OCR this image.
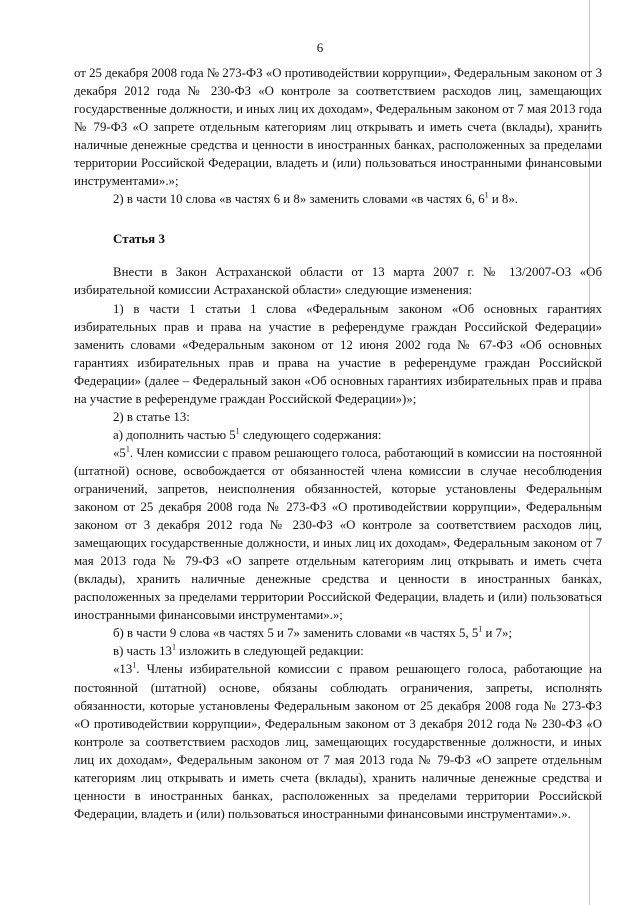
6

от 25 декабря 2008 года № 273-ФЗ «О противодействии коррупции», Федеральным законом от 3 декабря 2012 года № 230-ФЗ «О контроле за соответствием расходов лиц, замещающих государственные должности, и иных лиц их доходам», Федеральным законом от 7 мая 2013 года № 79-ФЗ «О запрете отдельным категориям лиц открывать и иметь счета (вклады), хранить наличные денежные средства и ценности в иностранных банках, расположенных за пределами территории Российской Федерации, владеть и (или) пользоваться иностранными финансовыми инструментами».»;

2) в части 10 слова «в частях 6 и 8» заменить словами «в частях 6, $6^1$ и 8».

Статья 3

Внести в Закон Астраханской области от 13 марта 2007 г. № 13/2007-ОЗ «Об избирательной комиссии Астраханской области» следующие изменения:

1) в части 1 статьи 1 слова «Федеральным законом «Об основных гарантиях избирательных прав и права на участие в референдуме граждан Российской Федерации» заменить словами «Федеральным законом от 12 июня 2002 года № 67-ФЗ «Об основных гарантиях избирательных прав и права на участие в референдуме граждан Российской Федерации» (далее – Федеральный закон «Об основных гарантиях избирательных прав и права на участие в референдуме граждан Российской Федерации»)»;

2) в статье 13:

а) дополнить частью $5^1$ следующего содержания:

«$5^1$. Член комиссии с правом решающего голоса, работающий в комиссии на постоянной (штатной) основе, освобождается от обязанностей члена комиссии в случае несоблюдения ограничений, запретов, неисполнения обязанностей, которые установлены Федеральным законом от 25 декабря 2008 года № 273-ФЗ «О противодействии коррупции», Федеральным законом от 3 декабря 2012 года № 230-ФЗ «О контроле за соответствием расходов лиц, замещающих государственные должности, и иных лиц их доходам», Федеральным законом от 7 мая 2013 года № 79-ФЗ «О запрете отдельным категориям лиц открывать и иметь счета (вклады), хранить наличные денежные средства и ценности в иностранных банках, расположенных за пределами территории Российской Федерации, владеть и (или) пользоваться иностранными финансовыми инструментами».»;

б) в части 9 слова «в частях 5 и 7» заменить словами «в частях 5, $5^1$ и 7»;

в) часть $13^1$ изложить в следующей редакции:

«$13^1$. Члены избирательной комиссии с правом решающего голоса, работающие на постоянной (штатной) основе, обязаны соблюдать ограничения, запреты, исполнять обязанности, которые установлены Федеральным законом от 25 декабря 2008 года № 273-ФЗ «О противодействии коррупции», Федеральным законом от 3 декабря 2012 года № 230-ФЗ «О контроле за соответствием расходов лиц, замещающих государственные должности, и иных лиц их доходам», Федеральным законом от 7 мая 2013 года № 79-ФЗ «О запрете отдельным категориям лиц открывать и иметь счета (вклады), хранить наличные денежные средства и ценности в иностранных банках, расположенных за пределами территории Российской Федерации, владеть и (или) пользоваться иностранными финансовыми инструментами».».
